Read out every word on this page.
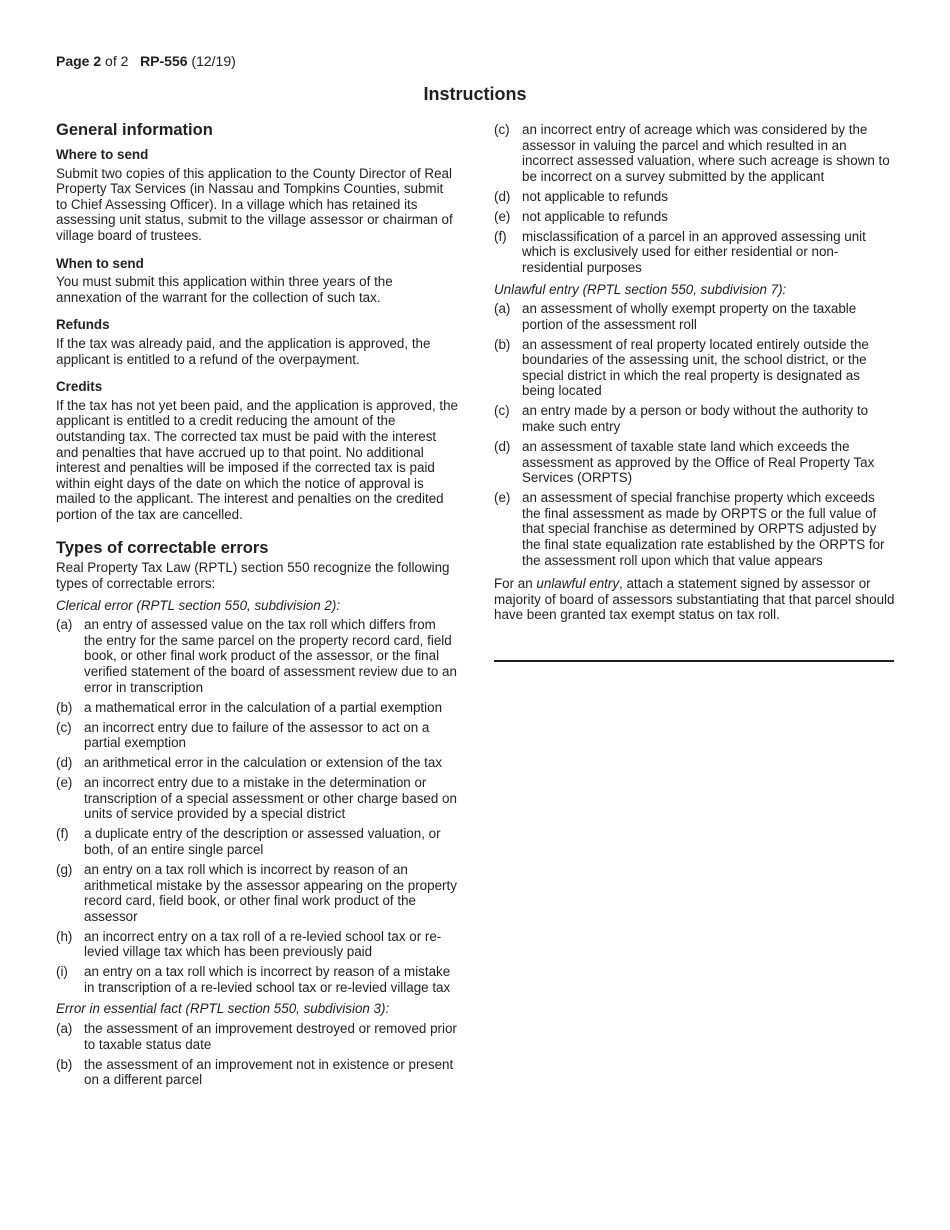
Page 2 of 2 RP-556 (12/19)
Instructions
General information
Where to send

Submit two copies of this application to the County Director of Real Property Tax Services (in Nassau and Tompkins Counties, submit to Chief Assessing Officer). In a village which has retained its assessing unit status, submit to the village assessor or chairman of village board of trustees.

When to send

You must submit this application within three years of the annexation of the warrant for the collection of such tax.

Refunds

If the tax was already paid, and the application is approved, the applicant is entitled to a refund of the overpayment.

Credits

If the tax has not yet been paid, and the application is approved, the applicant is entitled to a credit reducing the amount of the outstanding tax. The corrected tax must be paid with the interest and penalties that have accrued up to that point. No additional interest and penalties will be imposed if the corrected tax is paid within eight days of the date on which the notice of approval is mailed to the applicant. The interest and penalties on the credited portion of the tax are cancelled.

Types of correctable errors

Real Property Tax Law (RPTL) section 550 recognize the following types of correctable errors:

Clerical error (RPTL section 550, subdivision 2):

(a) an entry of assessed value on the tax roll which differs from the entry for the same parcel on the property record card, field book, or other final work product of the assessor, or the final verified statement of the board of assessment review due to an error in transcription
(b) a mathematical error in the calculation of a partial exemption
(c) an incorrect entry due to failure of the assessor to act on a partial exemption
(d) an arithmetical error in the calculation or extension of the tax
(e) an incorrect entry due to a mistake in the determination or transcription of a special assessment or other charge based on units of service provided by a special district
(f)	a duplicate entry of the description or assessed valuation, or both, of an entire single parcel
(g) an entry on a tax roll which is incorrect by reason of an arithmetical mistake by the assessor appearing on the property record card, field book, or other final work product of the assessor
(h) an incorrect entry on a tax roll of a re-levied school tax or re-levied village tax which has been previously paid
(i)	an entry on a tax roll which is incorrect by reason of a mistake in transcription of a re-levied school tax or re-levied village tax

Error in essential fact (RPTL section 550, subdivision 3):

(a) the assessment of an improvement destroyed or removed prior to taxable status date
(b) the assessment of an improvement not in existence or present on a different parcel
(c) an incorrect entry of acreage which was considered by the assessor in valuing the parcel and which resulted in an incorrect assessed valuation, where such acreage is shown to be incorrect on a survey submitted by the applicant
(d) not applicable to refunds
(e) not applicable to refunds
(f)	misclassification of a parcel in an approved assessing unit which is exclusively used for either residential or non-residential purposes

Unlawful entry (RPTL section 550, subdivision 7):

(a) an assessment of wholly exempt property on the taxable portion of the assessment roll
(b) an assessment of real property located entirely outside the boundaries of the assessing unit, the school district, or the special district in which the real property is designated as being located
(c) an entry made by a person or body without the authority to make such entry
(d) an assessment of taxable state land which exceeds the assessment as approved by the Office of Real Property Tax Services (ORPTS)
(e) an assessment of special franchise property which exceeds the final assessment as made by ORPTS or the full value of that special franchise as determined by ORPTS adjusted by the final state equalization rate established by the ORPTS for the assessment roll upon which that value appears

For an unlawful entry, attach a statement signed by assessor or majority of board of assessors substantiating that that parcel should have been granted tax exempt status on tax roll.
